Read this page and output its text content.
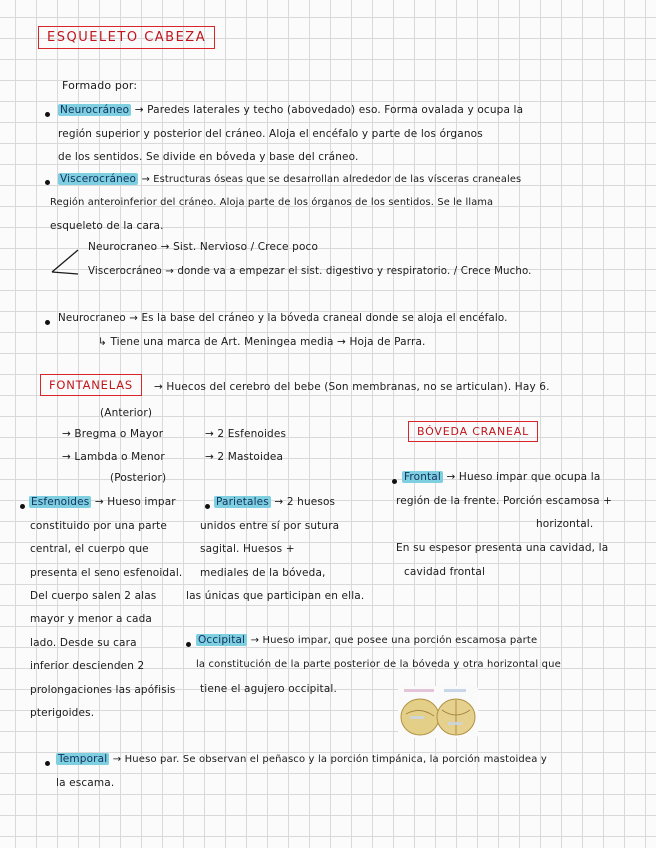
ESQUELETO CABEZA
Formado por:
Neurocráneo → Paredes laterales y techo (abovedado) eso. Forma ovalada y ocupa la
región superior y posterior del cráneo. Aloja el encéfalo y parte de los órganos
de los sentidos. Se divide en bóveda y base del cráneo.
Viscerocráneo → Estructuras óseas que se desarrollan alrededor de las vísceras craneales
Región anteroinferior del cráneo. Aloja parte de los órganos de los sentidos. Se le llama
esqueleto de la cara.
Neurocraneo → Sist. Nervioso / Crece poco
Viscerocráneo → donde va a empezar el sist. digestivo y respiratorio. / Crece Mucho.
Neurocraneo → Es la base del cráneo y la bóveda craneal donde se aloja el encéfalo.
↳ Tiene una marca de Art. Meningea media → Hoja de Parra.
FONTANELAS	→ Huecos del cerebro del bebe (Son membranas, no se articulan). Hay 6.
(Anterior)
→ Bregma o Mayor	→ 2 Esfenoides
→ Lambda o Menor	→ 2 Mastoidea
(Posterior)
BÓVEDA CRANEAL
Frontal → Hueso impar que ocupa la
región de la frente. Porción escamosa +
horizontal.
En su espesor presenta una cavidad, la
cavidad frontal
Esfenoides → Hueso impar
constituido por una parte
central, el cuerpo que
presenta el seno esfenoidal.
Del cuerpo salen 2 alas
mayor y menor a cada
lado. Desde su cara
inferior descienden 2
prolongaciones las apófisis
pterigoides.
Parietales → 2 huesos
unidos entre sí por sutura
sagital. Huesos +
mediales de la bóveda,
las únicas que participan en ella.
Occipital → Hueso impar, que posee una porción escamosa parte
la constitución de la parte posterior de la bóveda y otra horizontal que
tiene el agujero occipital.
Temporal → Hueso par. Se observan el peñasco y la porción timpánica, la porción mastoidea y
la escama.
